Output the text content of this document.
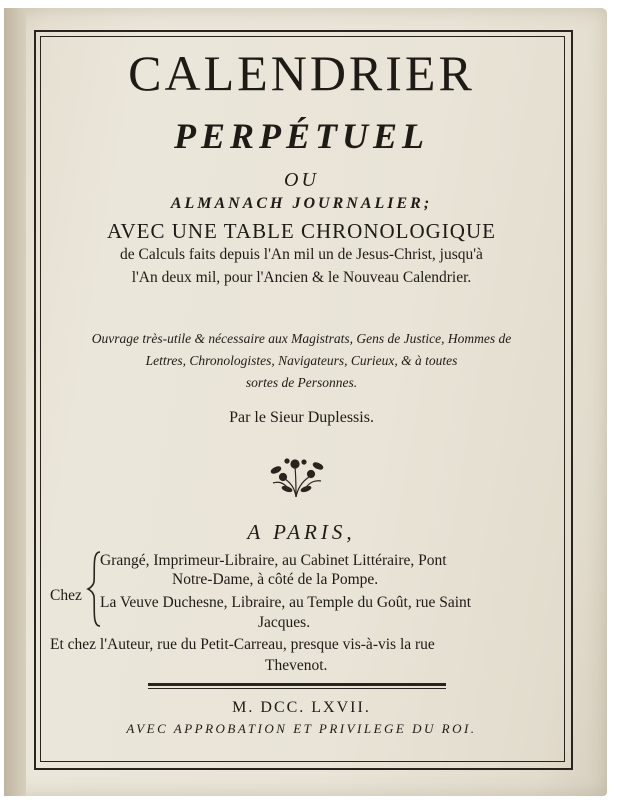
CALENDRIER
PERPÉTUEL
OU
ALMANACH JOURNALIER;
AVEC UNE TABLE CHRONOLOGIQUE
de Calculs faits depuis l'An mil un de Jesus-Christ, jusqu'à
l'An deux mil, pour l'Ancien & le Nouveau Calendrier.
Ouvrage très-utile & nécessaire aux Magistrats, Gens de Justice, Hommes de
Lettres, Chronologistes, Navigateurs, Curieux, & à toutes
sortes de Personnes.
Par le Sieur Duplessis.
A PARIS,
Chez
Grangé, Imprimeur-Libraire, au Cabinet Littéraire, Pont
Notre-Dame, à côté de la Pompe.
La Veuve Duchesne, Libraire, au Temple du Goût, rue Saint
Jacques.
Et chez l'Auteur, rue du Petit-Carreau, presque vis-à-vis la rue
Thevenot.
M. DCC. LXVII.
AVEC APPROBATION ET PRIVILEGE DU ROI.
